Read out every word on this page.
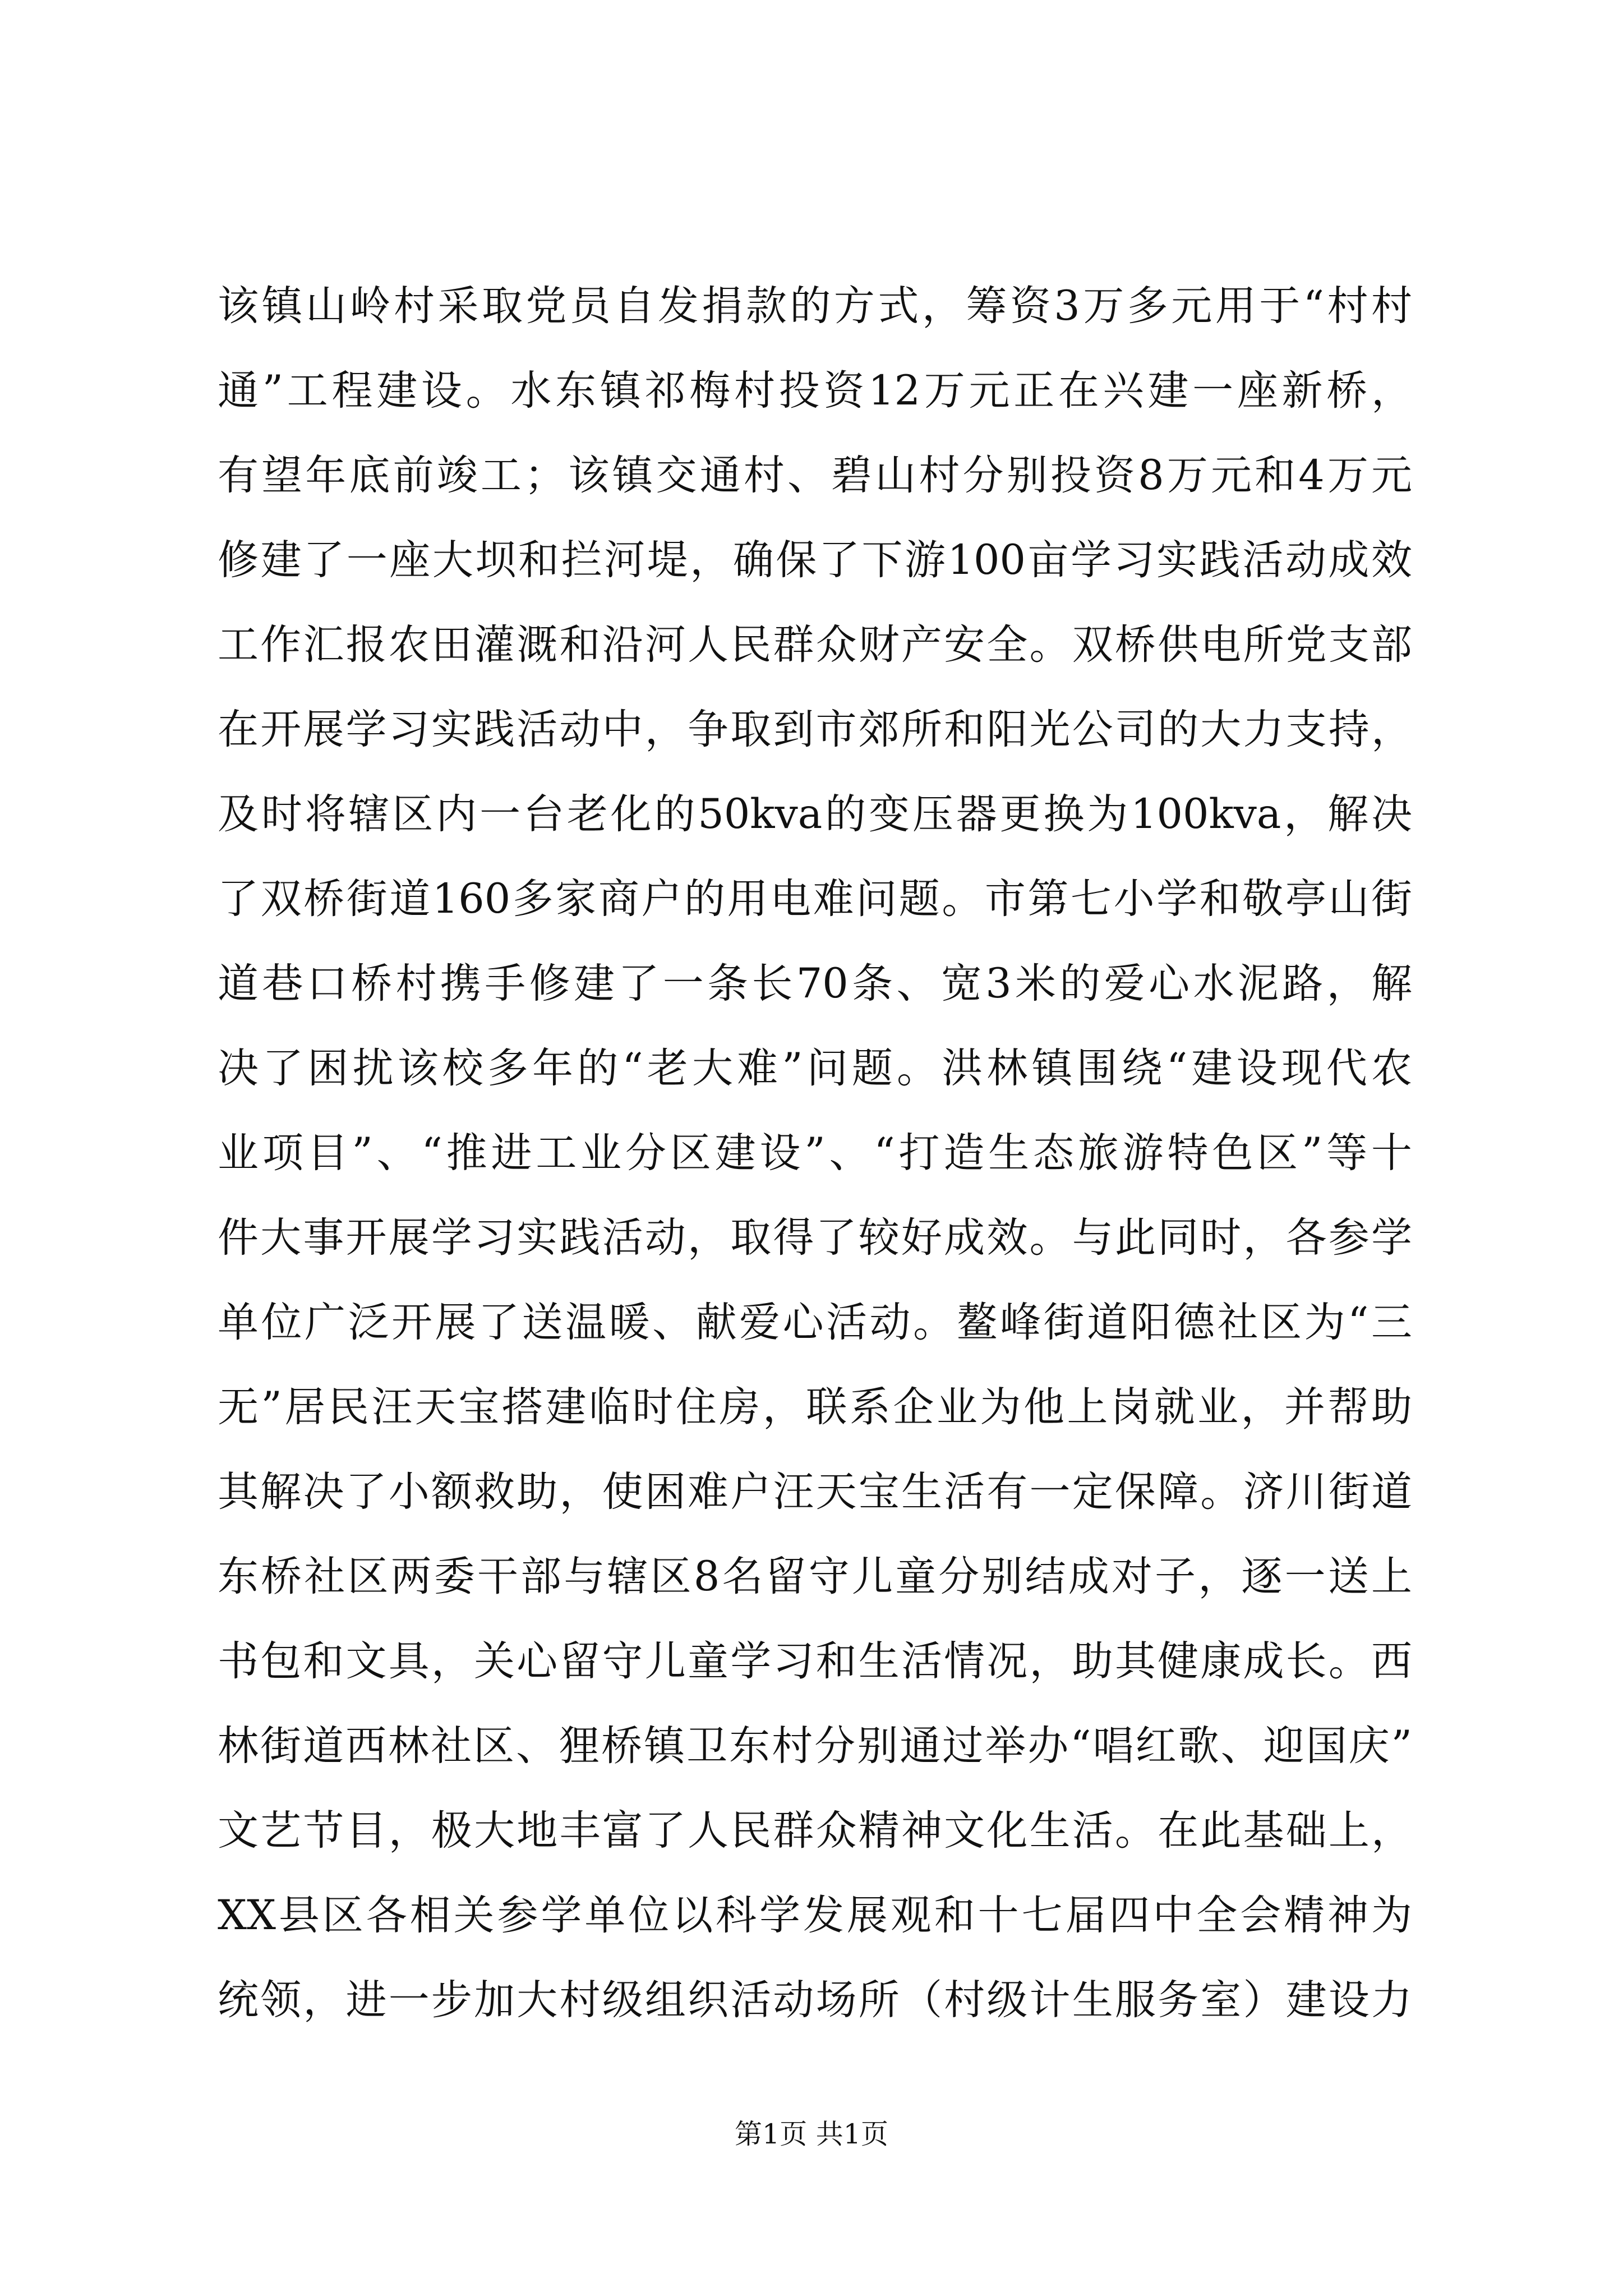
该镇山岭村采取党员自发捐款的方式，筹资3万多元用于“村村
通”工程建设。水东镇祁梅村投资12万元正在兴建一座新桥，
有望年底前竣工；该镇交通村、碧山村分别投资8万元和4万元
修建了一座大坝和拦河堤，确保了下游100亩学习实践活动成效
工作汇报农田灌溉和沿河人民群众财产安全。双桥供电所党支部
在开展学习实践活动中，争取到市郊所和阳光公司的大力支持，
及时将辖区内一台老化的50kva的变压器更换为100kva，解决
了双桥街道160多家商户的用电难问题。市第七小学和敬亭山街
道巷口桥村携手修建了一条长70条、宽3米的爱心水泥路，解
决了困扰该校多年的“老大难”问题。洪林镇围绕“建设现代农
业项目”、“推进工业分区建设”、“打造生态旅游特色区”等十
件大事开展学习实践活动，取得了较好成效。与此同时，各参学
单位广泛开展了送温暖、献爱心活动。鳌峰街道阳德社区为“三
无”居民汪天宝搭建临时住房，联系企业为他上岗就业，并帮助
其解决了小额救助，使困难户汪天宝生活有一定保障。济川街道
东桥社区两委干部与辖区8名留守儿童分别结成对子，逐一送上
书包和文具，关心留守儿童学习和生活情况，助其健康成长。西
林街道西林社区、狸桥镇卫东村分别通过举办“唱红歌、迎国庆”
文艺节目，极大地丰富了人民群众精神文化生活。在此基础上，
XX县区各相关参学单位以科学发展观和十七届四中全会精神为
统领，进一步加大村级组织活动场所（村级计生服务室）建设力
第1页 共1页
